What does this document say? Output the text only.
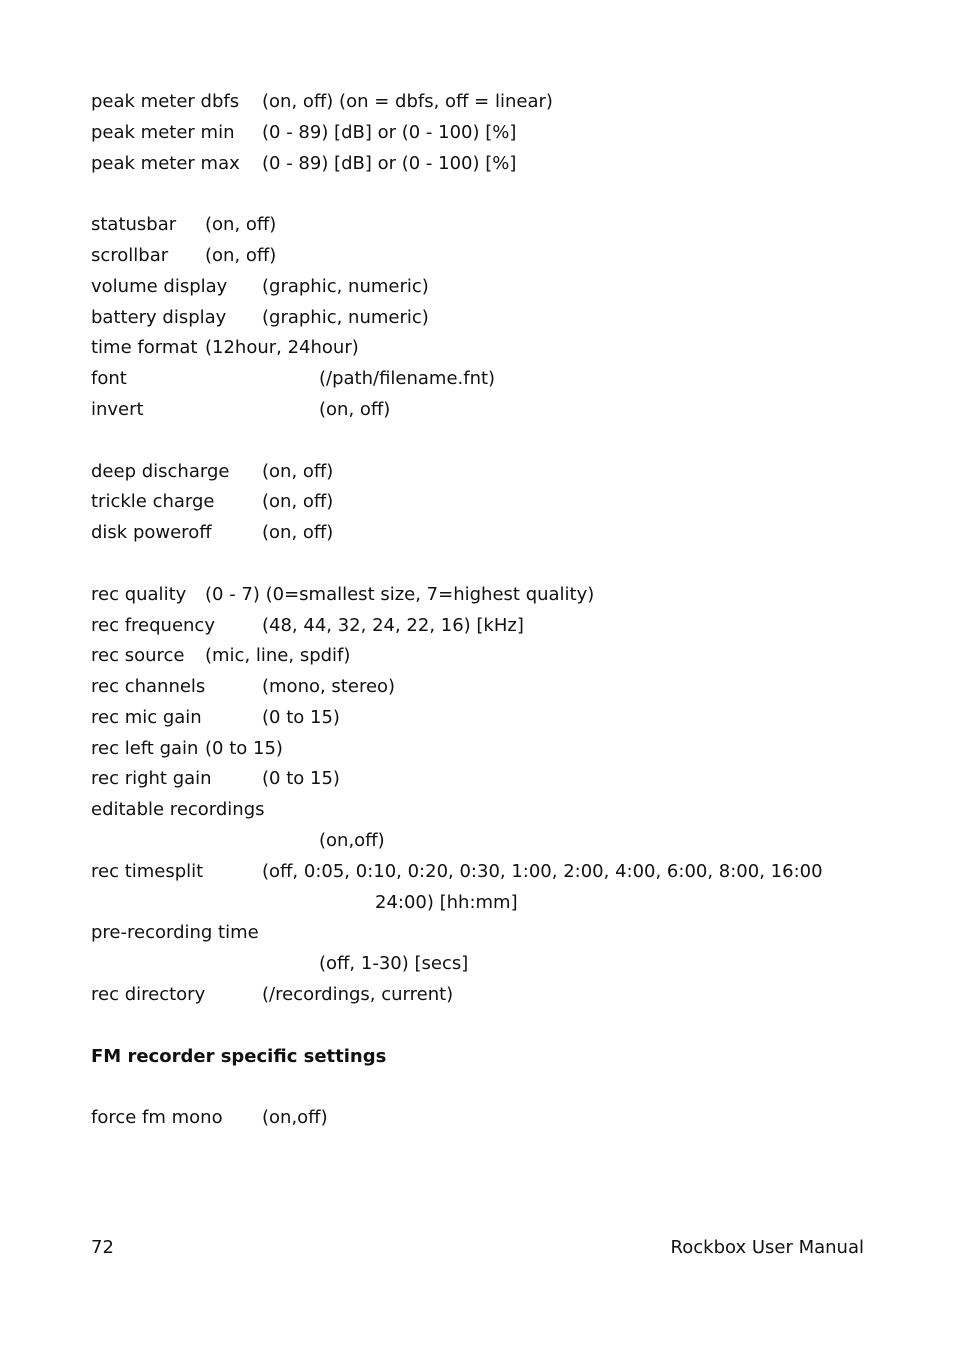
peak meter dbfs (on, off) (on = dbfs, off = linear)
peak meter min (0 - 89) [dB] or (0 - 100) [%]
peak meter max (0 - 89) [dB] or (0 - 100) [%]
statusbar (on, off)
scrollbar (on, off)
volume display (graphic, numeric)
battery display (graphic, numeric)
time format (12hour, 24hour)
font	(/path/filename.fnt)
invert	(on, off)
deep discharge (on, off)
trickle charge	(on, off)
disk poweroff	(on, off)
rec quality (0 - 7) (0=smallest size, 7=highest quality)
rec frequency	(48, 44, 32, 24, 22, 16) [kHz]
rec source (mic, line, spdif)
rec channels	(mono, stereo)
rec mic gain	(0 to 15)
rec left gain (0 to 15)
rec right gain	(0 to 15)
editable recordings
(on,off)
rec timesplit	(off, 0:05, 0:10, 0:20, 0:30, 1:00, 2:00, 4:00, 6:00, 8:00, 16:00
24:00) [hh:mm]
pre-recording time
(off, 1-30) [secs]
rec directory	(/recordings, current)
FM recorder specific settings
force fm mono (on,off)
72	Rockbox User Manual
